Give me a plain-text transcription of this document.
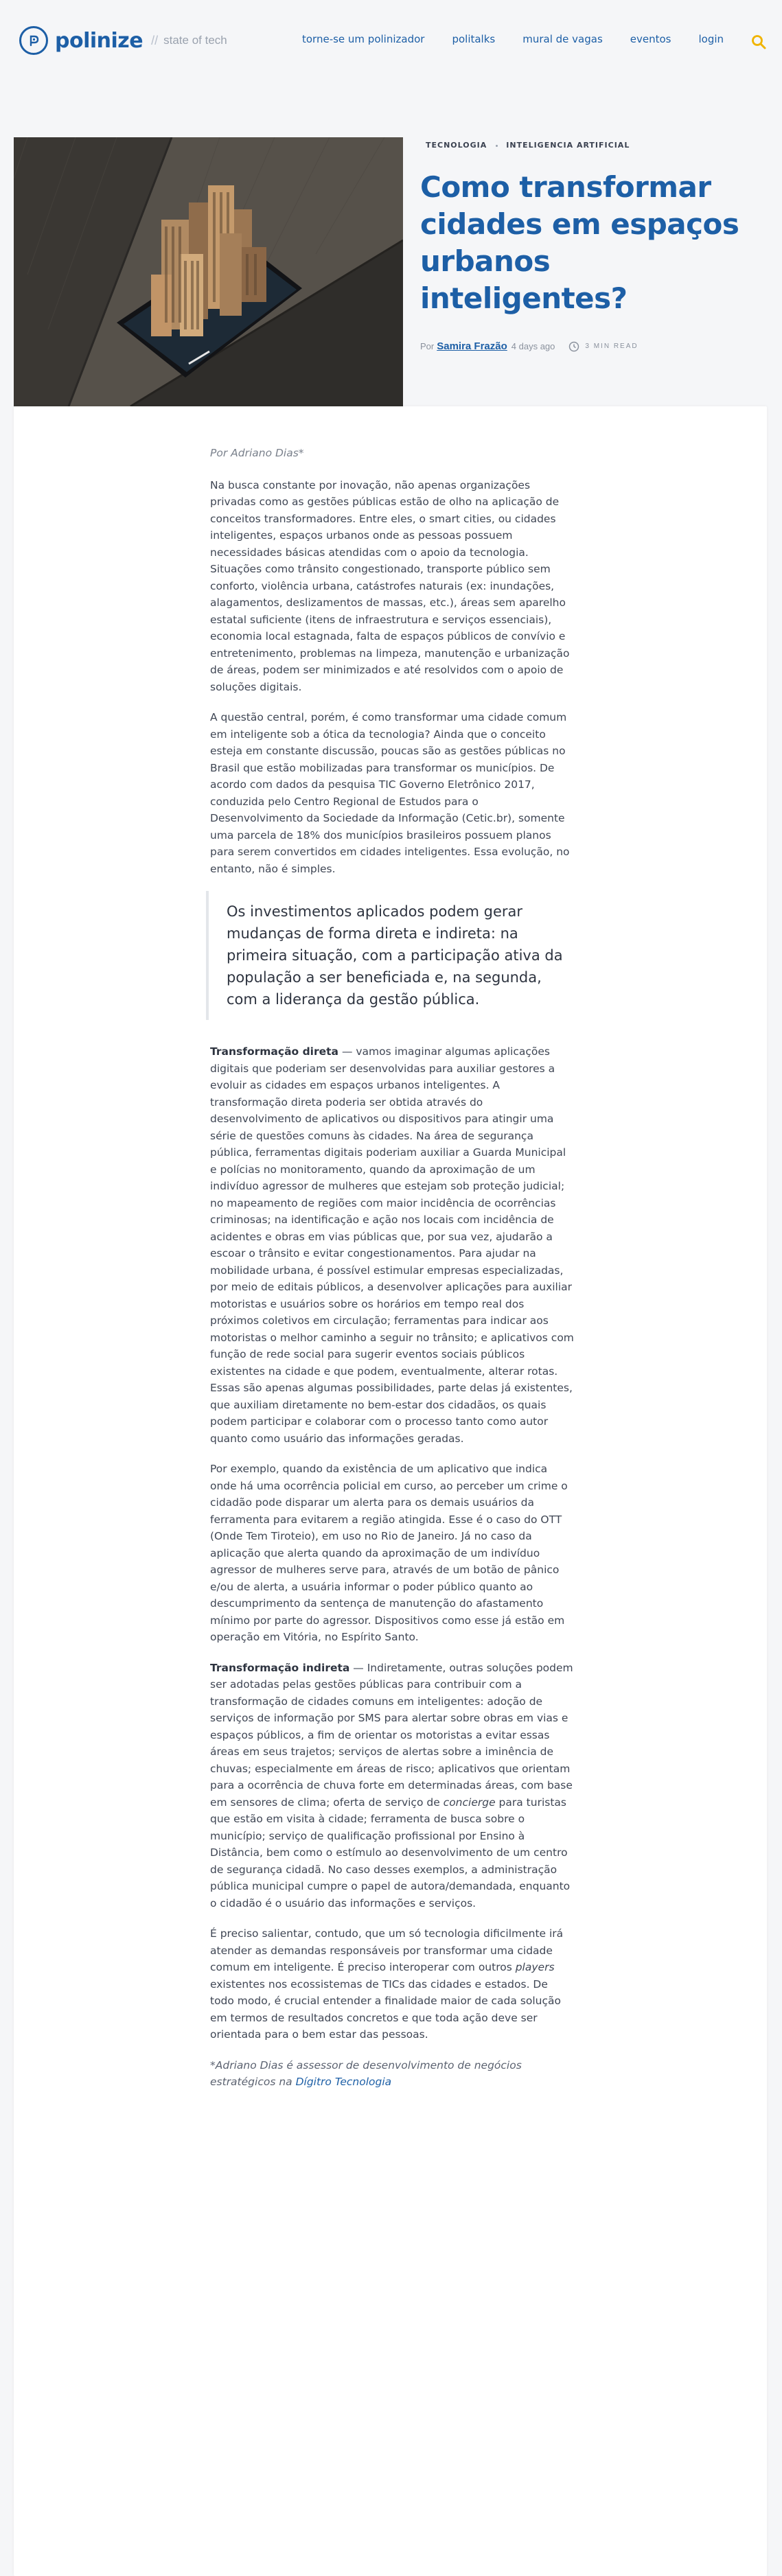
polinize // state of tech	torne-se um polinizador	politalks	mural de vagas	eventos	login
TECNOLOGIA	INTELIGENCIA ARTIFICIAL
Como transformar cidades em espaços urbanos inteligentes?
Por Samira Frazão 4 days ago	3 MIN READ

Por Adriano Dias*

Na busca constante por inovação, não apenas organizações privadas como as gestões públicas estão de olho na aplicação de conceitos transformadores. Entre eles, o smart cities, ou cidades inteligentes, espaços urbanos onde as pessoas possuem necessidades básicas atendidas com o apoio da tecnologia. Situações como trânsito congestionado, transporte público sem conforto, violência urbana, catástrofes naturais (ex: inundações, alagamentos, deslizamentos de massas, etc.), áreas sem aparelho estatal suficiente (itens de infraestrutura e serviços essenciais), economia local estagnada, falta de espaços públicos de convívio e entretenimento, problemas na limpeza, manutenção e urbanização de áreas, podem ser minimizados e até resolvidos com o apoio de soluções digitais.

A questão central, porém, é como transformar uma cidade comum em inteligente sob a ótica da tecnologia? Ainda que o conceito esteja em constante discussão, poucas são as gestões públicas no Brasil que estão mobilizadas para transformar os municípios. De acordo com dados da pesquisa TIC Governo Eletrônico 2017, conduzida pelo Centro Regional de Estudos para o Desenvolvimento da Sociedade da Informação (Cetic.br), somente uma parcela de 18% dos municípios brasileiros possuem planos para serem convertidos em cidades inteligentes. Essa evolução, no entanto, não é simples.

Os investimentos aplicados podem gerar mudanças de forma direta e indireta: na primeira situação, com a participação ativa da população a ser beneficiada e, na segunda, com a liderança da gestão pública.

Transformação direta — vamos imaginar algumas aplicações digitais que poderiam ser desenvolvidas para auxiliar gestores a evoluir as cidades em espaços urbanos inteligentes. A transformação direta poderia ser obtida através do desenvolvimento de aplicativos ou dispositivos para atingir uma série de questões comuns às cidades. Na área de segurança pública, ferramentas digitais poderiam auxiliar a Guarda Municipal e polícias no monitoramento, quando da aproximação de um indivíduo agressor de mulheres que estejam sob proteção judicial; no mapeamento de regiões com maior incidência de ocorrências criminosas; na identificação e ação nos locais com incidência de acidentes e obras em vias públicas que, por sua vez, ajudarão a escoar o trânsito e evitar congestionamentos. Para ajudar na mobilidade urbana, é possível estimular empresas especializadas, por meio de editais públicos, a desenvolver aplicações para auxiliar motoristas e usuários sobre os horários em tempo real dos próximos coletivos em circulação; ferramentas para indicar aos motoristas o melhor caminho a seguir no trânsito; e aplicativos com função de rede social para sugerir eventos sociais públicos existentes na cidade e que podem, eventualmente, alterar rotas. Essas são apenas algumas possibilidades, parte delas já existentes, que auxiliam diretamente no bem-estar dos cidadãos, os quais podem participar e colaborar com o processo tanto como autor quanto como usuário das informações geradas.

Por exemplo, quando da existência de um aplicativo que indica onde há uma ocorrência policial em curso, ao perceber um crime o cidadão pode disparar um alerta para os demais usuários da ferramenta para evitarem a região atingida. Esse é o caso do OTT (Onde Tem Tiroteio), em uso no Rio de Janeiro. Já no caso da aplicação que alerta quando da aproximação de um indivíduo agressor de mulheres serve para, através de um botão de pânico e/ou de alerta, a usuária informar o poder público quanto ao descumprimento da sentença de manutenção do afastamento mínimo por parte do agressor. Dispositivos como esse já estão em operação em Vitória, no Espírito Santo.

Transformação indireta — Indiretamente, outras soluções podem ser adotadas pelas gestões públicas para contribuir com a transformação de cidades comuns em inteligentes: adoção de serviços de informação por SMS para alertar sobre obras em vias e espaços públicos, a fim de orientar os motoristas a evitar essas áreas em seus trajetos; serviços de alertas sobre a iminência de chuvas; especialmente em áreas de risco; aplicativos que orientam para a ocorrência de chuva forte em determinadas áreas, com base em sensores de clima; oferta de serviço de concierge para turistas que estão em visita à cidade; ferramenta de busca sobre o município; serviço de qualificação profissional por Ensino à Distância, bem como o estímulo ao desenvolvimento de um centro de segurança cidadã. No caso desses exemplos, a administração pública municipal cumpre o papel de autora/demandada, enquanto o cidadão é o usuário das informações e serviços.

É preciso salientar, contudo, que um só tecnologia dificilmente irá atender as demandas responsáveis por transformar uma cidade comum em inteligente. É preciso interoperar com outros players existentes nos ecossistemas de TICs das cidades e estados. De todo modo, é crucial entender a finalidade maior de cada solução em termos de resultados concretos e que toda ação deve ser orientada para o bem estar das pessoas.

*Adriano Dias é assessor de desenvolvimento de negócios estratégicos na Dígitro Tecnologia
